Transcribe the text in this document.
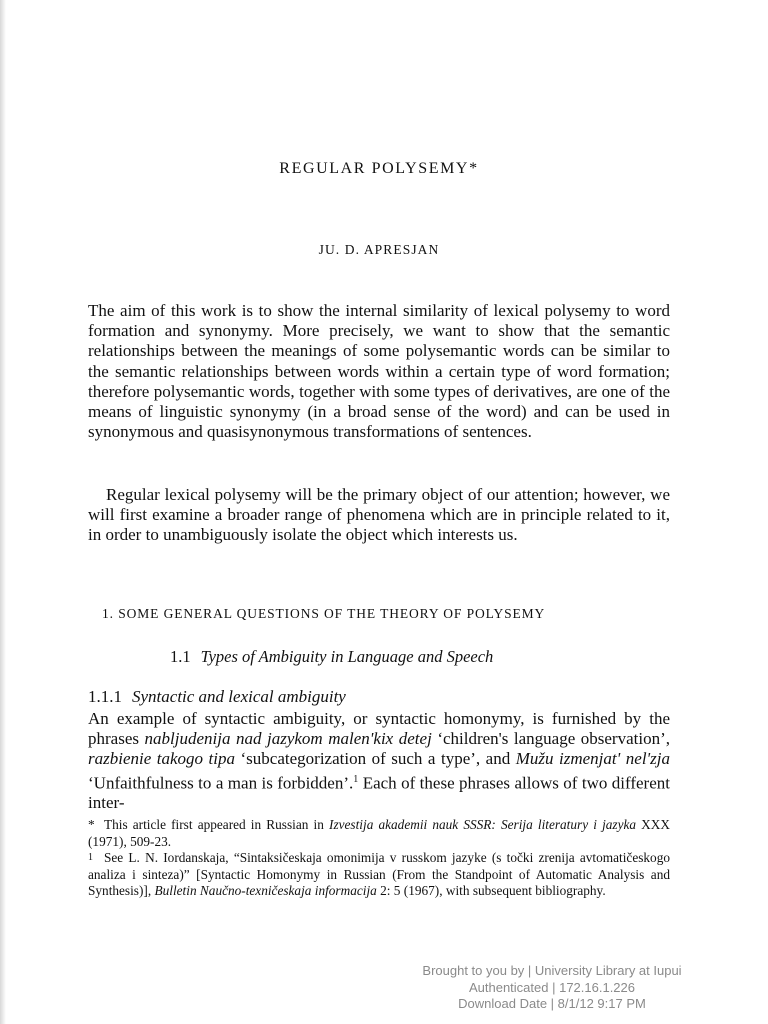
REGULAR POLYSEMY*
JU. D. APRESJAN

The aim of this work is to show the internal similarity of lexical polysemy to word formation and synonymy. More precisely, we want to show that the semantic relationships between the meanings of some polysemantic words can be similar to the semantic relationships between words within a certain type of word formation; therefore polysemantic words, together with some types of derivatives, are one of the means of linguistic synonymy (in a broad sense of the word) and can be used in synonymous and quasisynonymous transformations of sentences.

Regular lexical polysemy will be the primary object of our attention; however, we will first examine a broader range of phenomena which are in principle related to it, in order to unambiguously isolate the object which interests us.

1. SOME GENERAL QUESTIONS OF THE THEORY OF POLYSEMY
1.1 Types of Ambiguity in Language and Speech
1.1.1 Syntactic and lexical ambiguity

An example of syntactic ambiguity, or syntactic homonymy, is furnished by the phrases nabljudenija nad jazykom malen'kix detej ‘children's language observation’, razbienie takogo tipa ‘subcategorization of such a type’, and Mužu izmenjat' nel'zja ‘Unfaithfulness to a man is forbidden’.$^1$ Each of these phrases allows of two different inter-

* This article first appeared in Russian in Izvestija akademii nauk SSSR: Serija literatury i jazyka XXX (1971), 509-23.

1 See L. N. Iordanskaja, “Sintaksičeskaja omonimija v russkom jazyke (s točki zrenija avtomatičeskogo analiza i sinteza)” [Syntactic Homonymy in Russian (From the Standpoint of Automatic Analysis and Synthesis)], Bulletin Naučno-texničeskaja informacija 2: 5 (1967), with subsequent bibliography.

Brought to you by | University Library at Iupui
Authenticated | 172.16.1.226
Download Date | 8/1/12 9:17 PM
